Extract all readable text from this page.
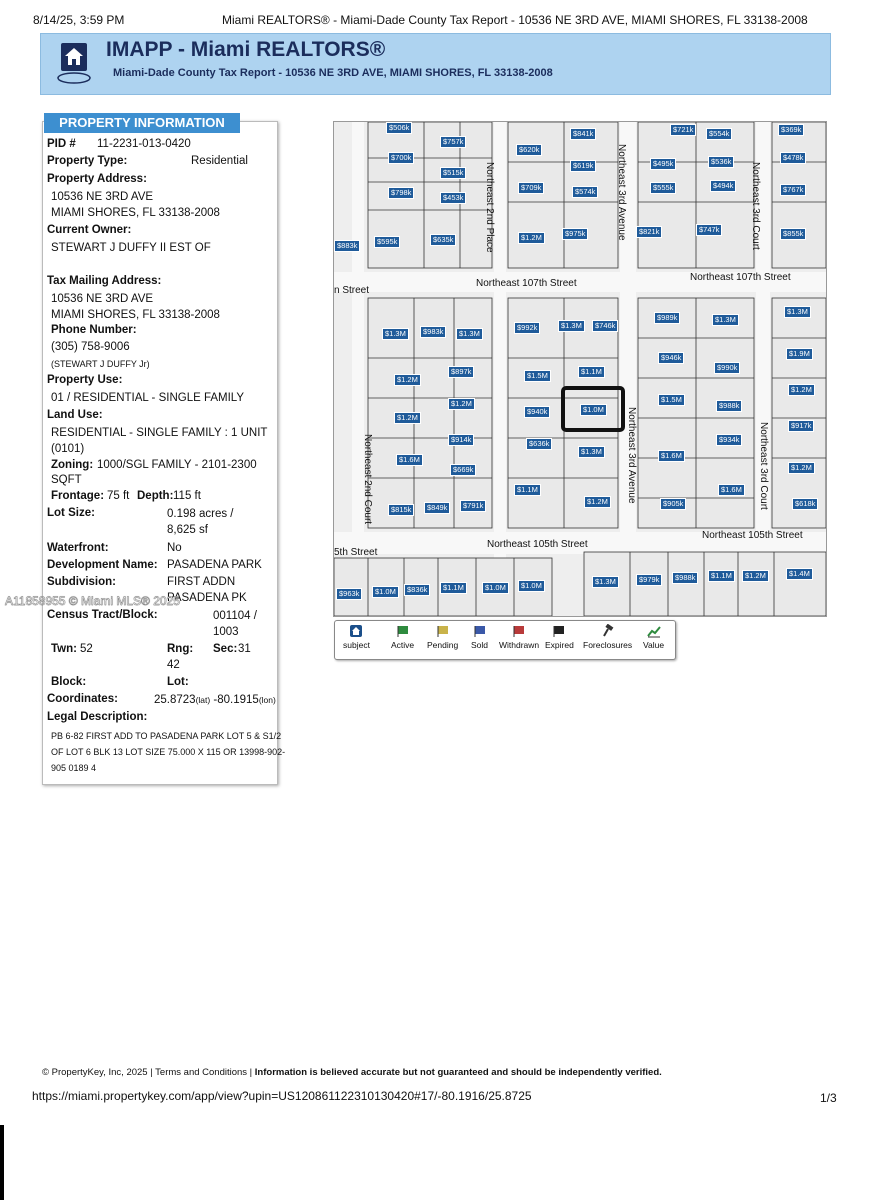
8/14/25, 3:59 PM	Miami REALTORS® - Miami-Dade County Tax Report - 10536 NE 3RD AVE, MIAMI SHORES, FL 33138-2008
IMAPP - Miami REALTORS®
Miami-Dade County Tax Report - 10536 NE 3RD AVE, MIAMI SHORES, FL 33138-2008
PID # 11-2231-013-0420
Property Type:	Residential
Property Address:
10536 NE 3RD AVE
MIAMI SHORES, FL 33138-2008
Current Owner:
STEWART J DUFFY II EST OF
Tax Mailing Address:
10536 NE 3RD AVE
MIAMI SHORES, FL 33138-2008
Phone Number:
(305) 758-9006
(STEWART J DUFFY Jr)
Property Use:
01 / RESIDENTIAL - SINGLE FAMILY
Land Use:
RESIDENTIAL - SINGLE FAMILY : 1 UNIT
(0101)
Zoning: 1000/SGL FAMILY - 2101-2300
SQFT
Frontage: 75 ft Depth: 115 ft
Lot Size:	0.198 acres /
8,625 sf
Waterfront:	No
Development Name: PASADENA PARK
Subdivision:	FIRST ADDN
PASADENA PK
Census Tract/Block:	001104 /
1003
Twn: 52	Rng:
42
Sec: 31
Block:	Lot:
Coordinates:	25.8723(lat) -80.1915(lon)
Legal Description:
PB 6-82 FIRST ADD TO PASADENA PARK LOT 5 & S1/2
OF LOT 6 BLK 13 LOT SIZE 75.000 X 115 OR 13998-902-
905 0189 4
PROPERTY INFORMATION
Northeast 107th Street
Northeast 107th Street
n Street
Northeast 105th Street
Northeast 105th Street
5th Street
Northeast 2nd Place	Northeast 3rd Avenue
Northeast 3rd Avenue
Northeast 3rd Court
Northeast 3rd Court
Northeast 2nd Court
$506k
$757k
$700k
$515k
$798k
$453k
$620k
$841k
$619k
$709k	$574k
$721k	$554k	$369k
$495k	$536k	$478k
$555k	$494k	$767k
$595k	$635k	$1.2M	$975k	$821k	$747k	$855k
$883k
$1.3M	$983k	$1.3M
$992k	$1.3M	$746k
$989k	$1.3M
$1.3M
$1.2M
$897k
$1.2M
$1.5M	$1.1M
$946k
$990k
$1.9M
$1.2M
$940k	$1.0M
$1.5M
$988k
$1.2M
$914k	$636k
$917k
$1.6M
$669k
$1.3M	$1.6M
$934k
$1.2M
$1.1M	$1.6M
$815k	$849k	$791k	$1.2M	$905k	$618k
$963k	$1.0M	$836k	$1.1M	$1.0M	$1.0M	$1.3M	$979k	$988k	$1.1M	$1.2M	$1.4M
subject Active Pending Sold Withdrawn Expired Foreclosures Value
A11858955 © Miami MLS® 2025
© PropertyKey, Inc, 2025 | Terms and Conditions | Information is believed accurate but not guaranteed and should be independently verified.
https://miami.propertykey.com/app/view?upin=US1208611223101304​20#17/-80.1916/25.8725	1/3
